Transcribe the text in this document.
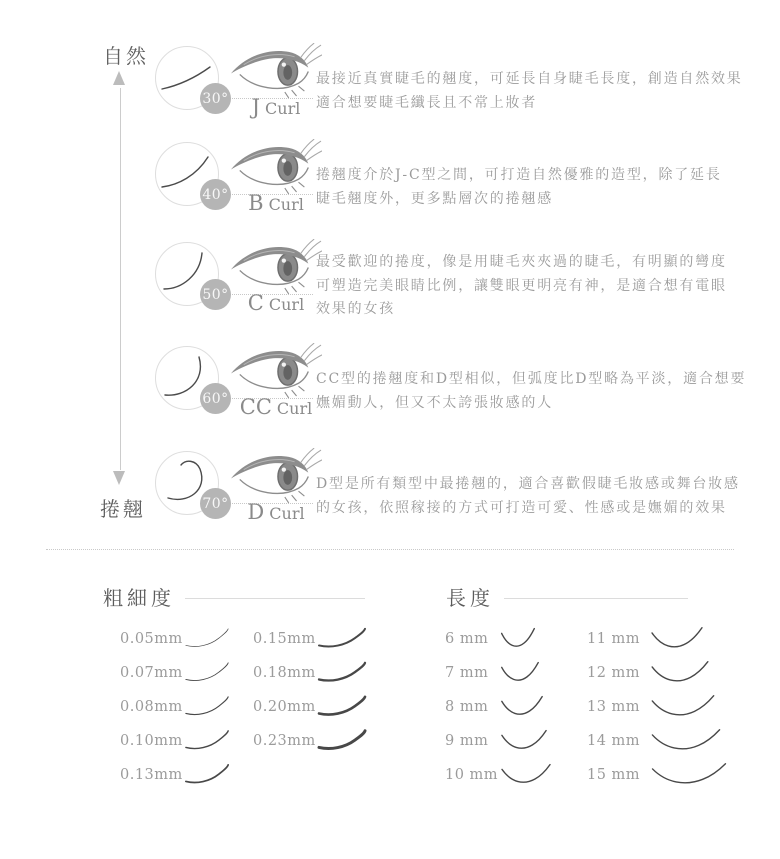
自然
捲翹
30°	J Curl
最接近真實睫毛的翹度，可延長自身睫毛長度，創造自然效果
適合想要睫毛纖長且不常上妝者
40° B Curl
捲翹度介於J-C型之間，可打造自然優雅的造型，除了延長
睫毛翹度外，更多點層次的捲翹感
50° C Curl
最受歡迎的捲度，像是用睫毛夾夾過的睫毛，有明顯的彎度
可塑造完美眼睛比例，讓雙眼更明亮有神，是適合想有電眼
效果的女孩
60° CC Curl
CC型的捲翹度和D型相似，但弧度比D型略為平淡，適合想要
嫵媚動人，但又不太誇張妝感的人
70° D Curl
D型是所有類型中最捲翹的，適合喜歡假睫毛妝感或舞台妝感
的女孩，依照稼接的方式可打造可愛、性感或是嫵媚的效果
粗細度
0.05mm
0.07mm
0.08mm
0.10mm
0.13mm
0.15mm
0.18mm
0.20mm
0.23mm
長度
6 mm
7 mm
8 mm
9 mm
10 mm
11 mm
12 mm
13 mm
14 mm
15 mm
